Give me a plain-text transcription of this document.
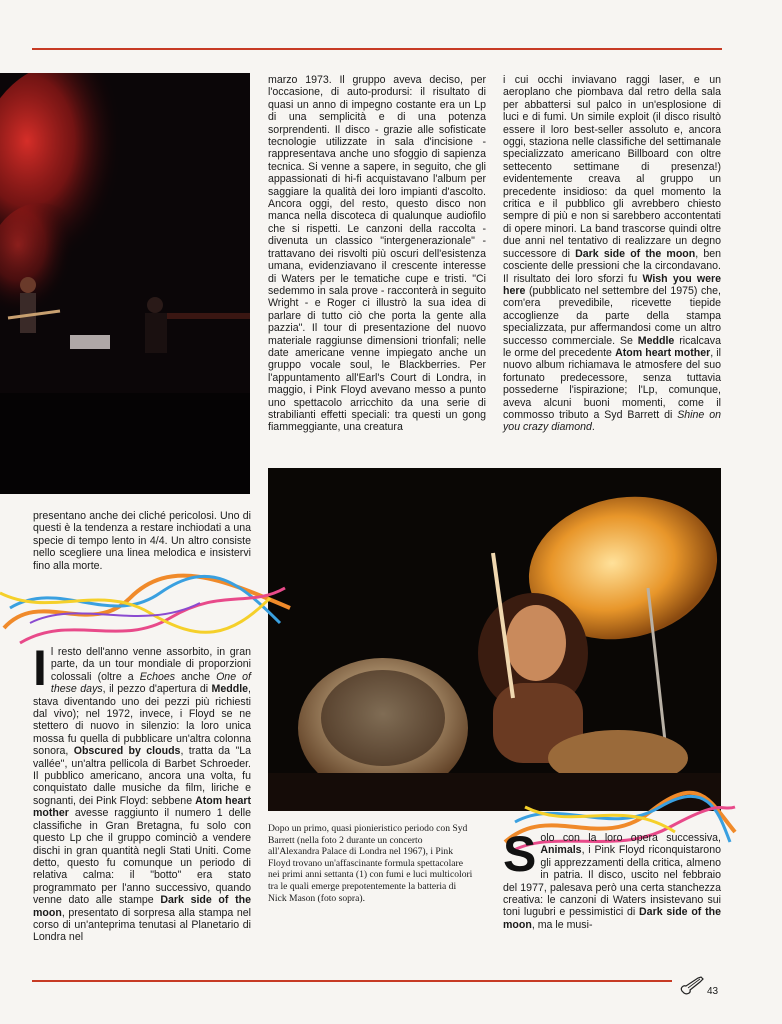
marzo 1973. Il gruppo aveva deciso, per l'occasione, di auto-prodursi: il risultato di quasi un anno di impegno costante era un Lp di una semplicità e di una potenza sorprendenti. Il disco - grazie alle sofisticate tecnologie utilizzate in sala d'incisione - rappresentava anche uno sfoggio di sapienza tecnica. Si venne a sapere, in seguito, che gli appassionati di hi-fi acquistavano l'album per saggiare la qualità dei loro impianti d'ascolto. Ancora oggi, del resto, questo disco non manca nella discoteca di qualunque audiofilo che si rispetti. Le canzoni della raccolta - divenuta un classico "intergenerazionale" - trattavano dei risvolti più oscuri dell'esistenza umana, evidenziavano il crescente interesse di Waters per le tematiche cupe e tristi. "Ci sedemmo in sala prove - racconterà in seguito Wright - e Roger ci illustrò la sua idea di parlare di tutto ciò che porta la gente alla pazzia". Il tour di presentazione del nuovo materiale raggiunse dimensioni trionfali; nelle date americane venne impiegato anche un gruppo vocale soul, le Blackberries. Per l'appuntamento all'Earl's Court di Londra, in maggio, i Pink Floyd avevano messo a punto uno spettacolo arricchito da una serie di strabilianti effetti speciali: tra questi un gong fiammeggiante, una creatura

i cui occhi inviavano raggi laser, e un aeroplano che piombava dal retro della sala per abbattersi sul palco in un'esplosione di luci e di fumi. Un simile exploit (il disco risultò essere il loro best-seller assoluto e, ancora oggi, staziona nelle classifiche del settimanale specializzato americano Billboard con oltre settecento settimane di presenza!) evidentemente creava al gruppo un precedente insidioso: da quel momento la critica e il pubblico gli avrebbero chiesto sempre di più e non si sarebbero accontentati di opere minori. La band trascorse quindi oltre due anni nel tentativo di realizzare un degno successore di Dark side of the moon, ben cosciente delle pressioni che la circondavano. Il risultato dei loro sforzi fu Wish you were here (pubblicato nel settembre del 1975) che, com'era prevedibile, ricevette tiepide accoglienze da parte della stampa specializzata, pur affermandosi come un altro successo commerciale. Se Meddle ricalcava le orme del precedente Atom heart mother, il nuovo album richiamava le atmosfere del suo fortunato predecessore, senza tuttavia possederne l'ispirazione; l'Lp, comunque, aveva alcuni buoni momenti, come il commosso tributo a Syd Barrett di Shine on you crazy diamond.

presentano anche dei cliché pericolosi. Uno di questi è la tendenza a restare inchiodati a una specie di tempo lento in 4/4. Un altro consiste nello scegliere una linea melodica e insistervi fino alla morte.

Il resto dell'anno venne assorbito, in gran parte, da un tour mondiale di proporzioni colossali (oltre a Echoes anche One of these days, il pezzo d'apertura di Meddle, stava diventando uno dei pezzi più richiesti dal vivo); nel 1972, invece, i Floyd se ne stettero di nuovo in silenzio: la loro unica mossa fu quella di pubblicare un'altra colonna sonora, Obscured by clouds, tratta da "La vallée", un'altra pellicola di Barbet Schroeder. Il pubblico americano, ancora una volta, fu conquistato dalle musiche da film, liriche e sognanti, dei Pink Floyd: sebbene Atom heart mother avesse raggiunto il numero 1 delle classifiche in Gran Bretagna, fu solo con questo Lp che il gruppo cominciò a vendere dischi in gran quantità negli Stati Uniti. Come detto, questo fu comunque un periodo di relativa calma: il "botto" era stato programmato per l'anno successivo, quando venne dato alle stampe Dark side of the moon, presentato di sorpresa alla stampa nel corso di un'anteprima tenutasi al Planetario di Londra nel

Dopo un primo, quasi pionieristico periodo con Syd Barrett (nella foto 2 durante un concerto all'Alexandra Palace di Londra nel 1967), i Pink Floyd trovano un'affascinante formula spettacolare nei primi anni settanta (1) con fumi e luci multicolori tra le quali emerge prepotentemente la batteria di Nick Mason (foto sopra).

Solo con la loro opera successiva, Animals, i Pink Floyd riconquistarono gli apprezzamenti della critica, almeno in patria. Il disco, uscito nel febbraio del 1977, palesava però una certa stanchezza creativa: le canzoni di Waters insistevano sui toni lugubri e pessimistici di Dark side of the moon, ma le musi-

43
